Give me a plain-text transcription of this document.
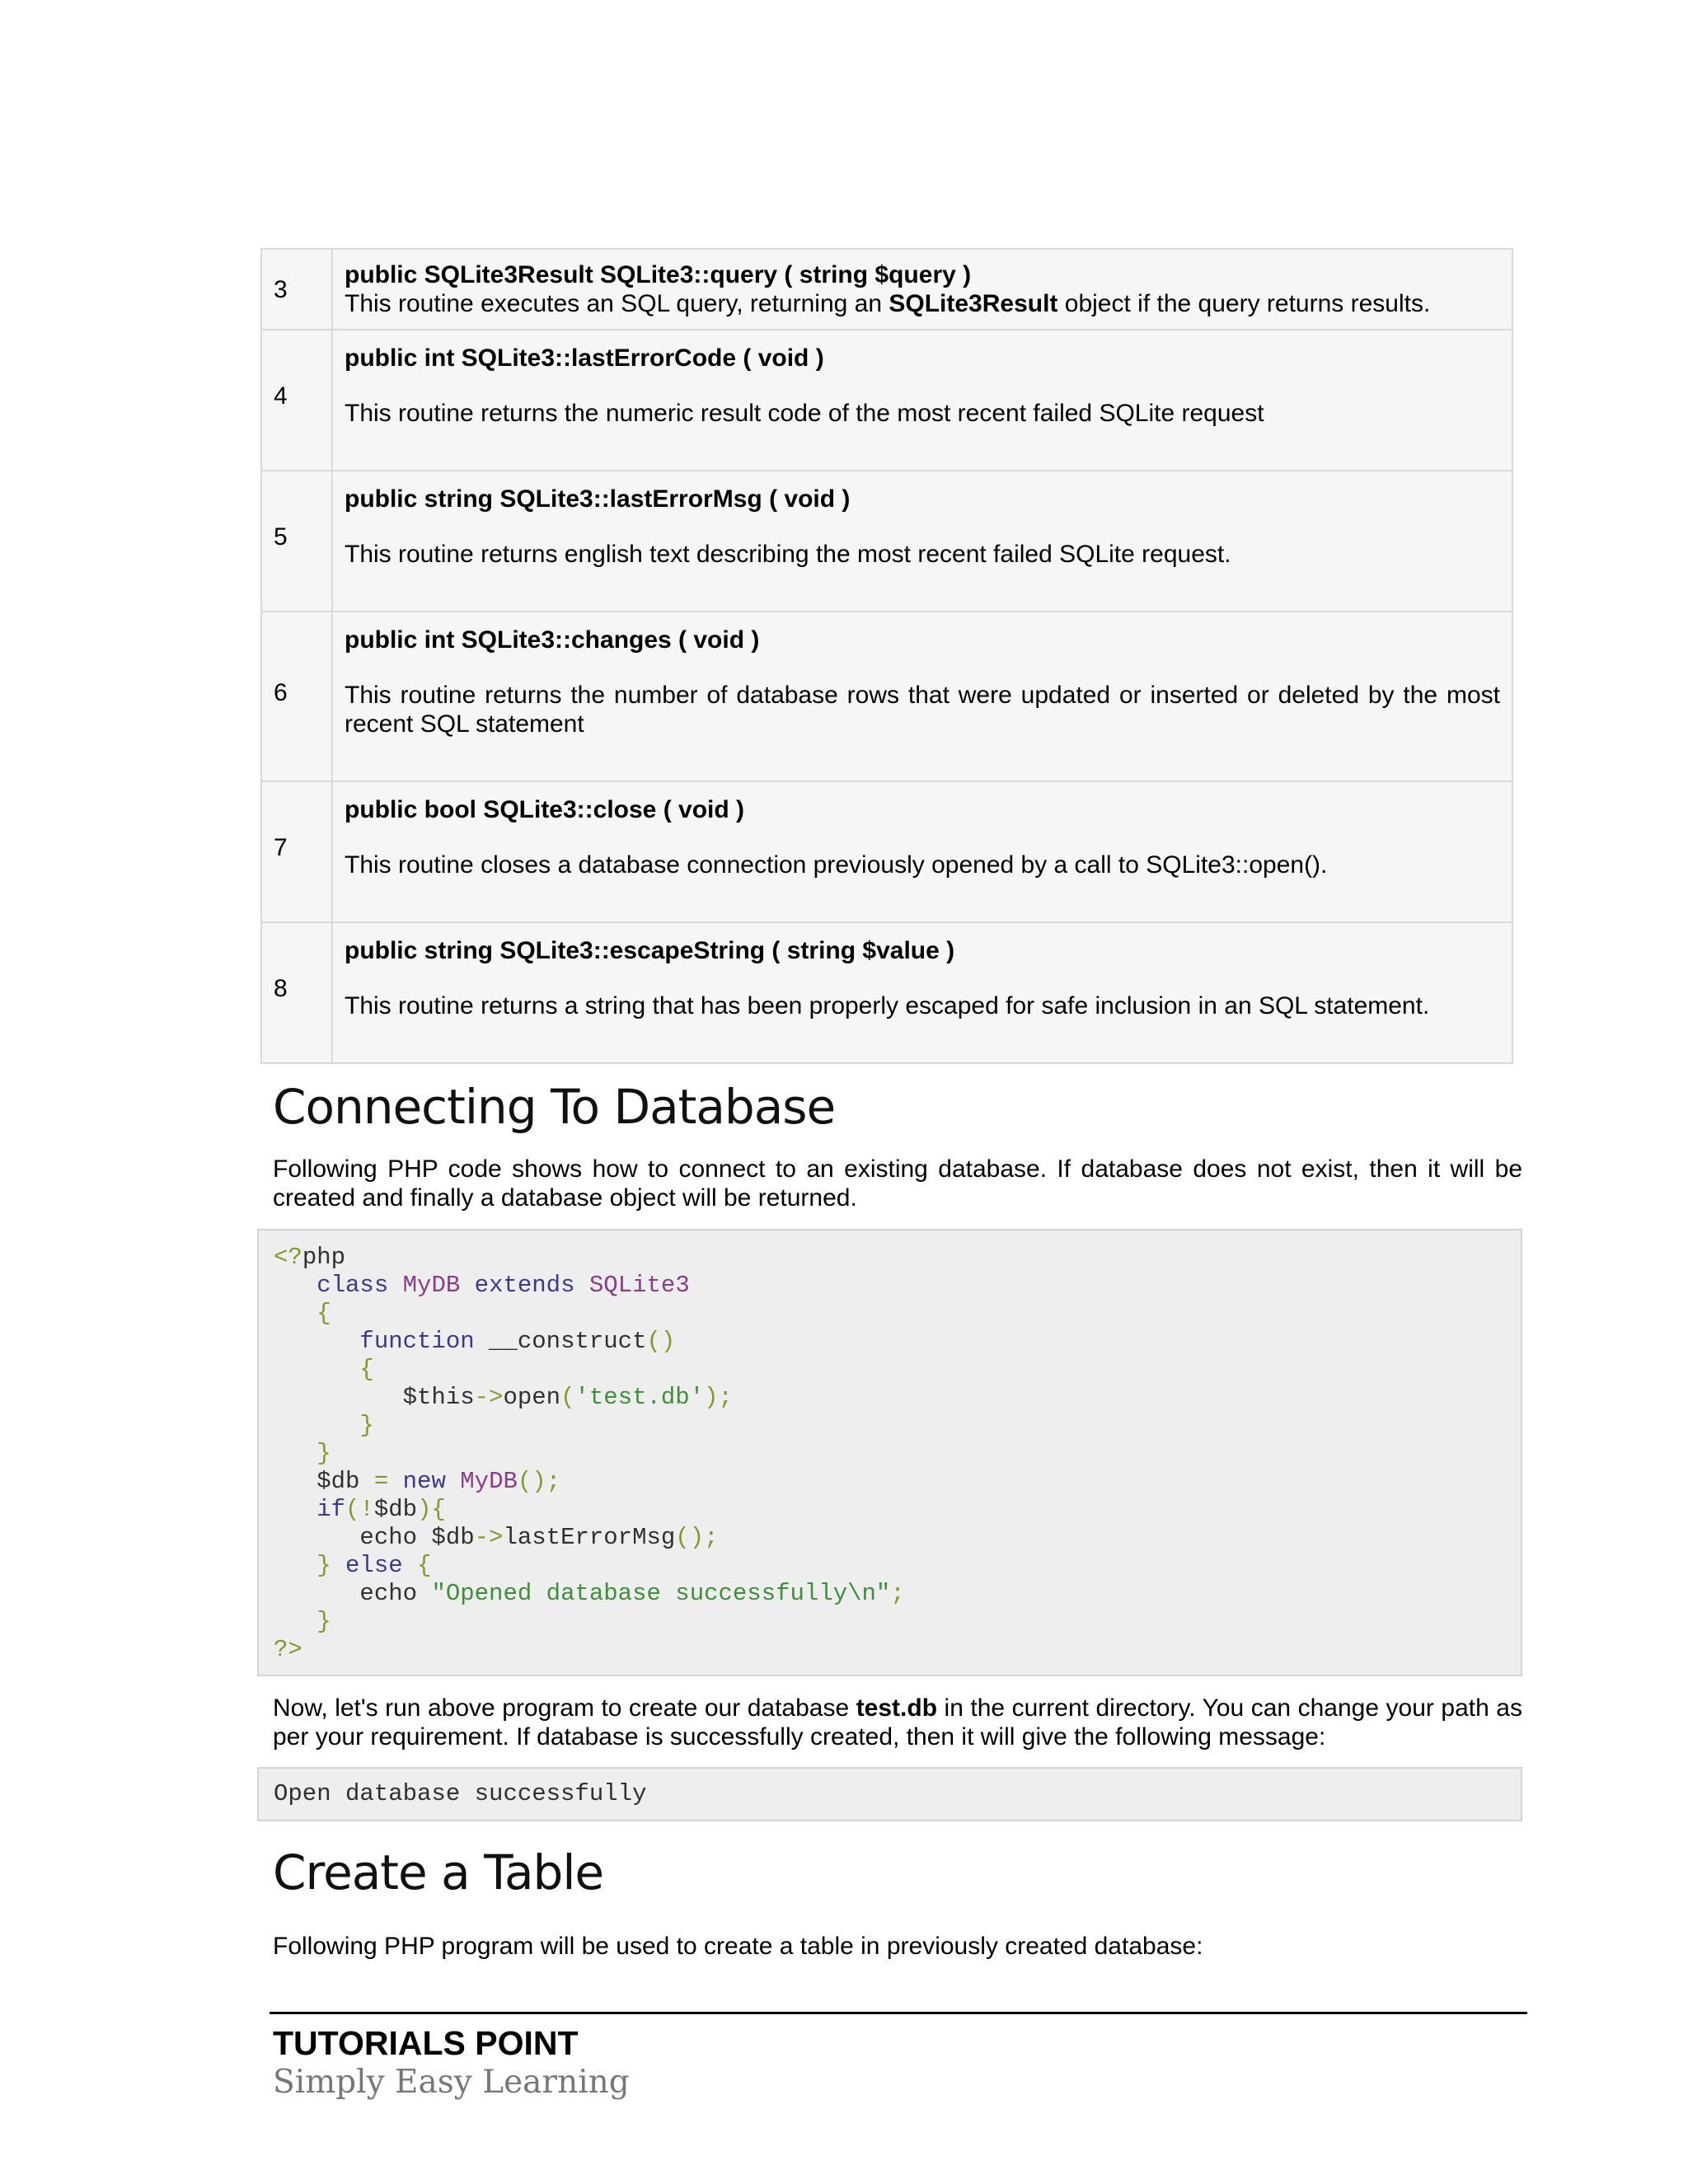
3	public SQLite3Result SQLite3::query ( string $query )
This routine executes an SQL query, returning an SQLite3Result object if the query returns results.

4	public int SQLite3::lastErrorCode ( void )
This routine returns the numeric result code of the most recent failed SQLite request

5	public string SQLite3::lastErrorMsg ( void )
This routine returns english text describing the most recent failed SQLite request.

6	public int SQLite3::changes ( void )
This routine returns the number of database rows that were updated or inserted or deleted by the most recent SQL statement

7	public bool SQLite3::close ( void )
This routine closes a database connection previously opened by a call to SQLite3::open().

8	public string SQLite3::escapeString ( string $value )
This routine returns a string that has been properly escaped for safe inclusion in an SQL statement.
Connecting To Database

Following PHP code shows how to connect to an existing database. If database does not exist, then it will be created and finally a database object will be returned.

<?php
class MyDB extends SQLite3
{
function __construct()
{
$this->open('test.db');
}
}
$db = new MyDB();
if(!$db){
echo $db->lastErrorMsg();
} else {
echo "Opened database successfully\n";
}
?>

Now, let's run above program to create our database test.db in the current directory. You can change your path as per your requirement. If database is successfully created, then it will give the following message:

Open database successfully
Create a Table

Following PHP program will be used to create a table in previously created database:

TUTORIALS POINT

Simply Easy Learning
